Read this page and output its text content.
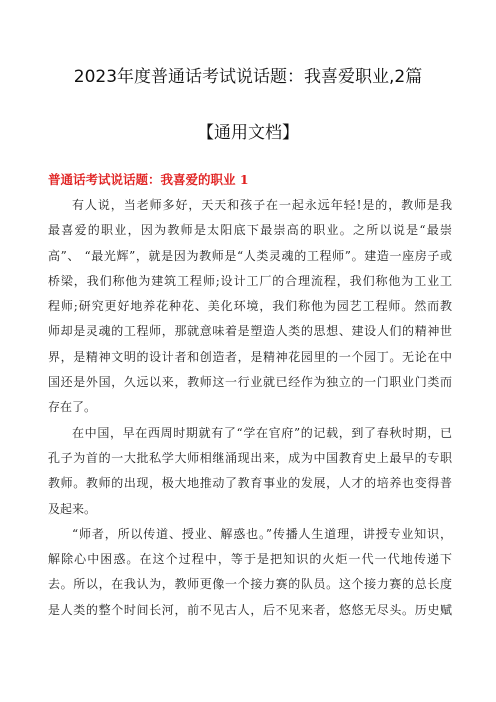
2023年度普通话考试说话题：我喜爱职业,2篇
【通用文档】
普通话考试说话题：我喜爱的职业 1
有人说，当老师多好，天天和孩子在一起永远年轻!是的，教师是我
最喜爱的职业，因为教师是太阳底下最崇高的职业。之所以说是“最崇
高”、 “最光辉”，就是因为教师是“人类灵魂的工程师”。建造一座房子或
桥梁，我们称他为建筑工程师;设计工厂的合理流程，我们称他为工业工
程师;研究更好地养花种花、美化环境，我们称他为园艺工程师。然而教
师却是灵魂的工程师，那就意味着是塑造人类的思想、建设人们的精神世
界，是精神文明的设计者和创造者，是精神花园里的一个园丁。无论在中
国还是外国，久远以来，教师这一行业就已经作为独立的一门职业门类而
存在了。
在中国，早在西周时期就有了“学在官府”的记载，到了春秋时期，已
孔子为首的一大批私学大师相继涌现出来，成为中国教育史上最早的专职
教师。教师的出现，极大地推动了教育事业的发展，人才的培养也变得普
及起来。
“师者，所以传道、授业、解惑也。”传播人生道理，讲授专业知识，
解除心中困惑。在这个过程中，等于是把知识的火炬一代一代地传递下
去。所以，在我认为，教师更像一个接力赛的队员。这个接力赛的总长度
是人类的整个时间长河，前不见古人，后不见来者，悠悠无尽头。历史赋
